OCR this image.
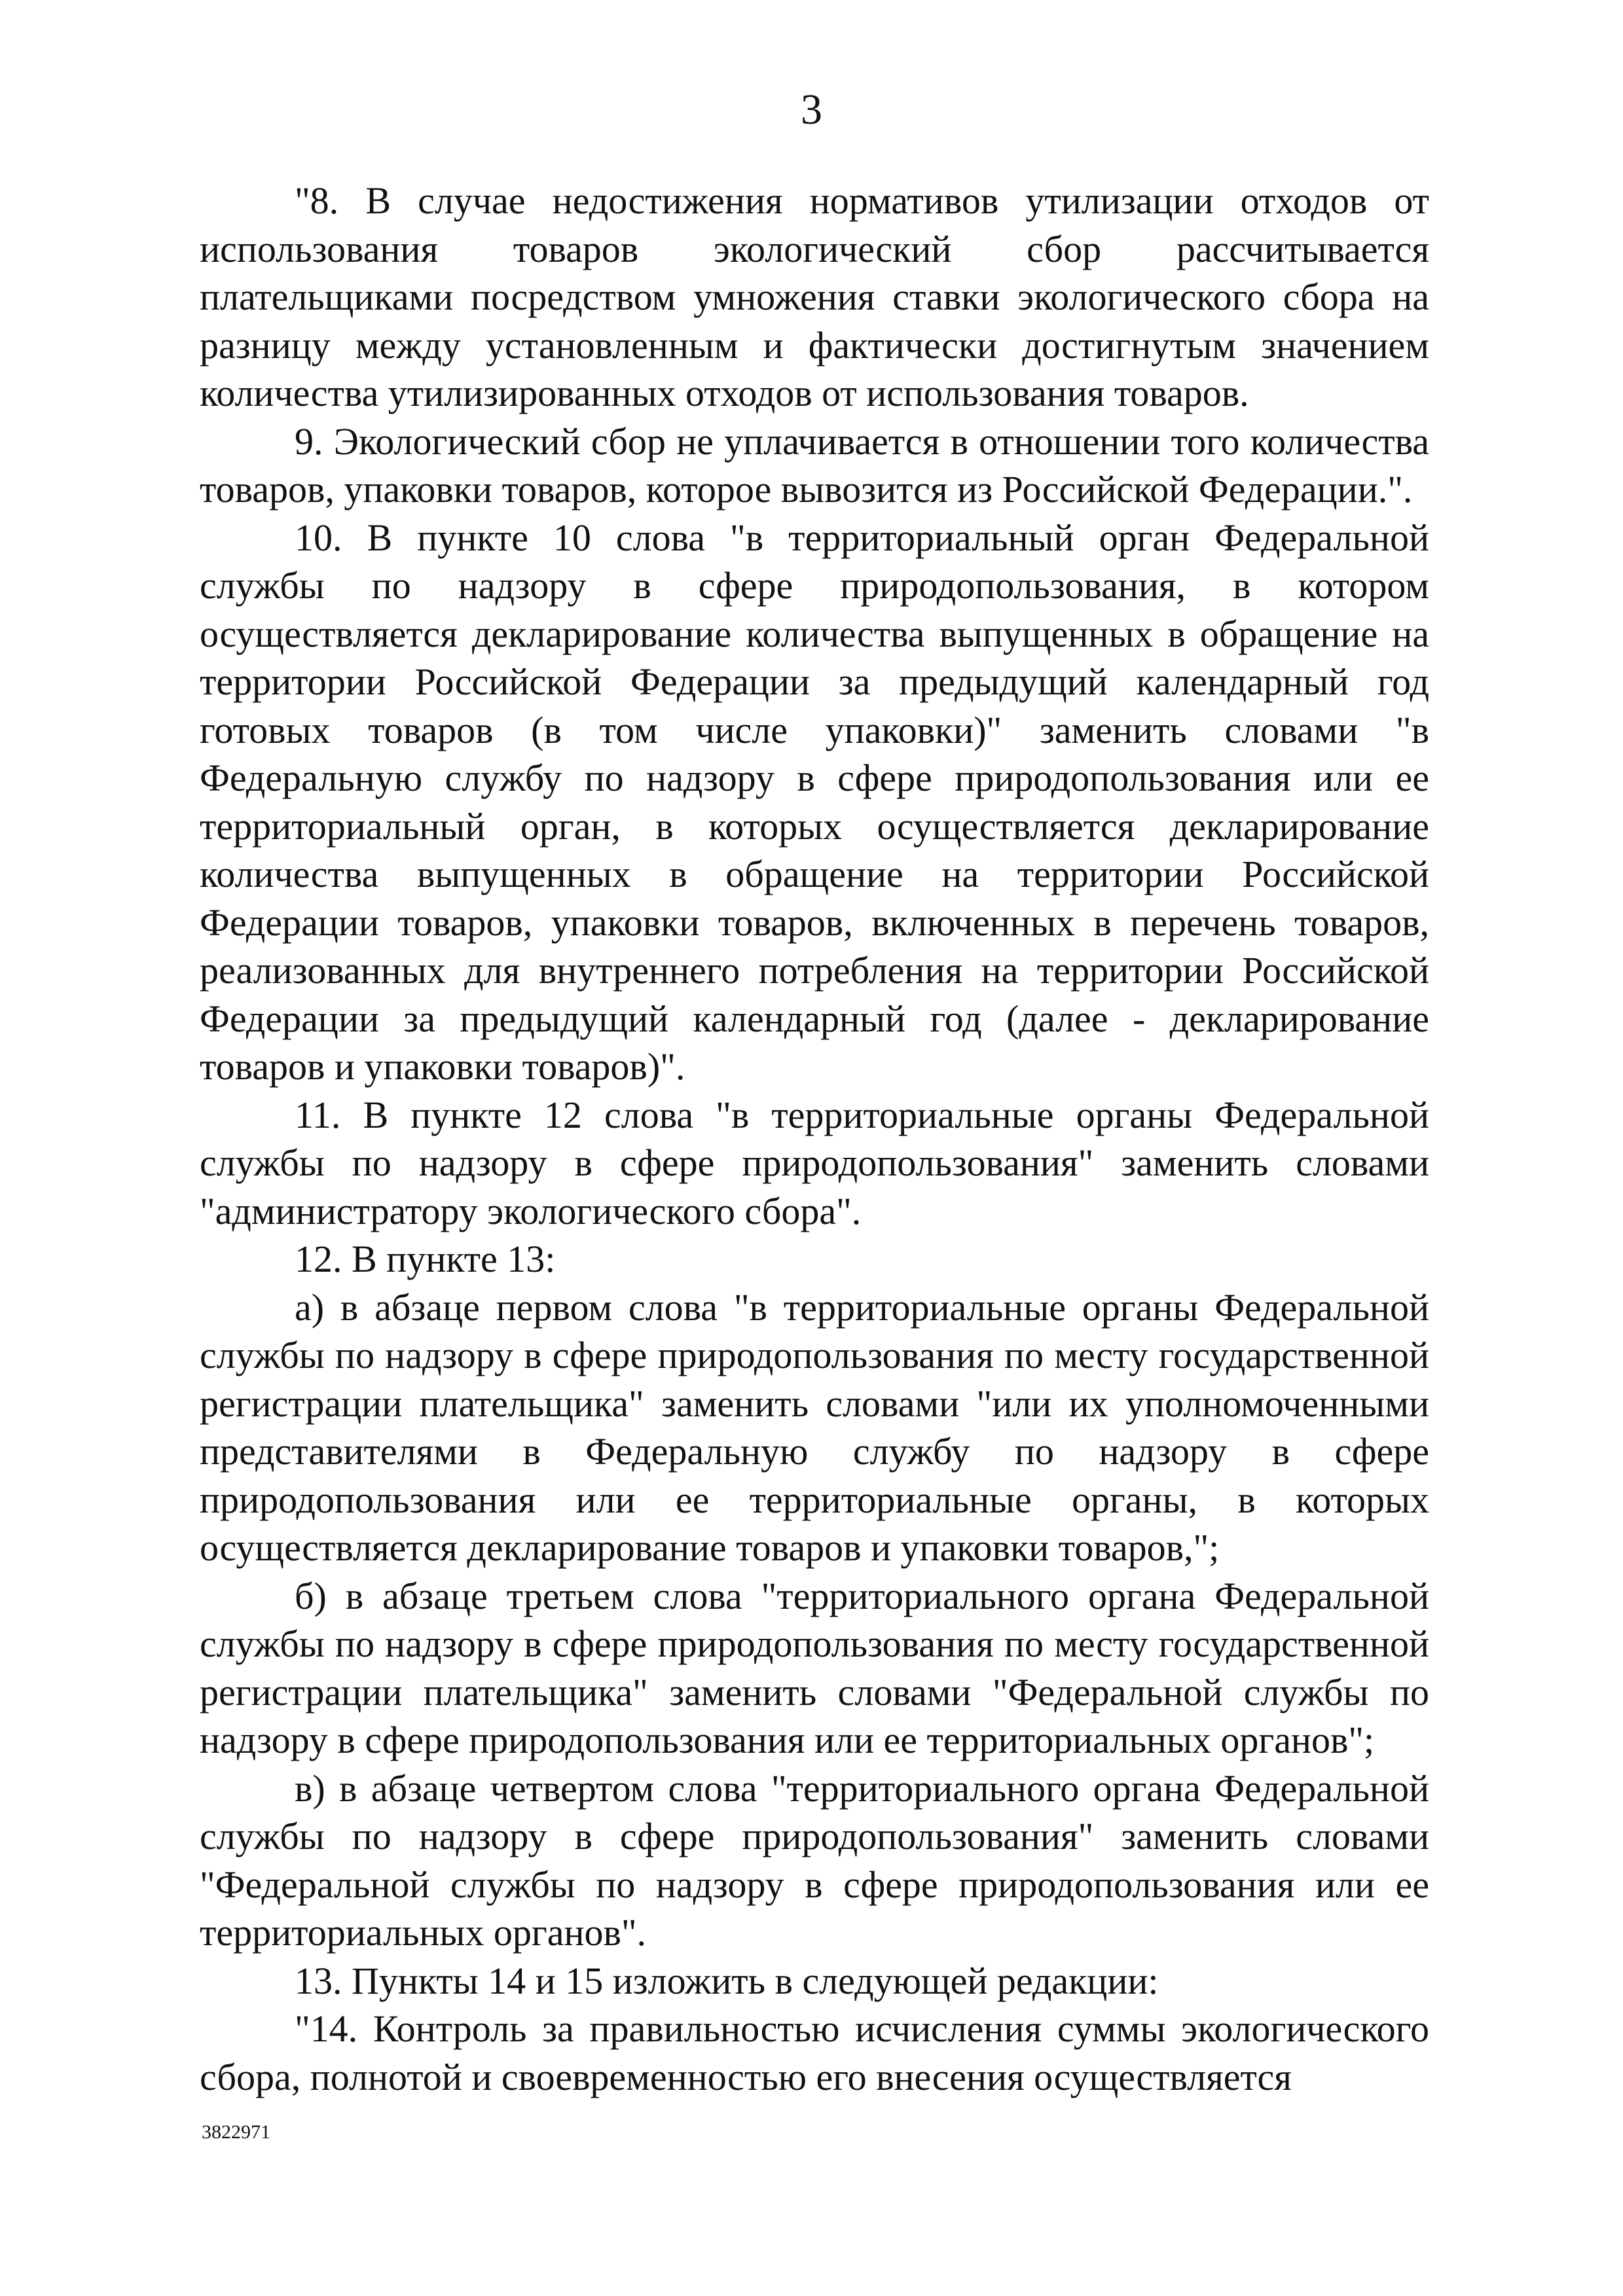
3

"8. В случае недостижения нормативов утилизации отходов от использования товаров экологический сбор рассчитывается плательщиками посредством умножения ставки экологического сбора на разницу между установленным и фактически достигнутым значением количества утилизированных отходов от использования товаров.

9. Экологический сбор не уплачивается в отношении того количества товаров, упаковки товаров, которое вывозится из Российской Федерации.".

10. В пункте 10 слова "в территориальный орган Федеральной службы по надзору в сфере природопользования, в котором осуществляется декларирование количества выпущенных в обращение на территории Российской Федерации за предыдущий календарный год готовых товаров (в том числе упаковки)" заменить словами "в Федеральную службу по надзору в сфере природопользования или ее территориальный орган, в которых осуществляется декларирование количества выпущенных в обращение на территории Российской Федерации товаров, упаковки товаров, включенных в перечень товаров, реализованных для внутреннего потребления на территории Российской Федерации за предыдущий календарный год (далее - декларирование товаров и упаковки товаров)".

11. В пункте 12 слова "в территориальные органы Федеральной службы по надзору в сфере природопользования" заменить словами "администратору экологического сбора".

12. В пункте 13:

а) в абзаце первом слова "в территориальные органы Федеральной службы по надзору в сфере природопользования по месту государственной регистрации плательщика" заменить словами "или их уполномоченными представителями в Федеральную службу по надзору в сфере природопользования или ее территориальные органы, в которых осуществляется декларирование товаров и упаковки товаров,";

б) в абзаце третьем слова "территориального органа Федеральной службы по надзору в сфере природопользования по месту государственной регистрации плательщика" заменить словами "Федеральной службы по надзору в сфере природопользования или ее территориальных органов";

в) в абзаце четвертом слова "территориального органа Федеральной службы по надзору в сфере природопользования" заменить словами "Федеральной службы по надзору в сфере природопользования или ее территориальных органов".

13. Пункты 14 и 15 изложить в следующей редакции:

"14. Контроль за правильностью исчисления суммы экологического сбора, полнотой и своевременностью его внесения осуществляется

3822971
